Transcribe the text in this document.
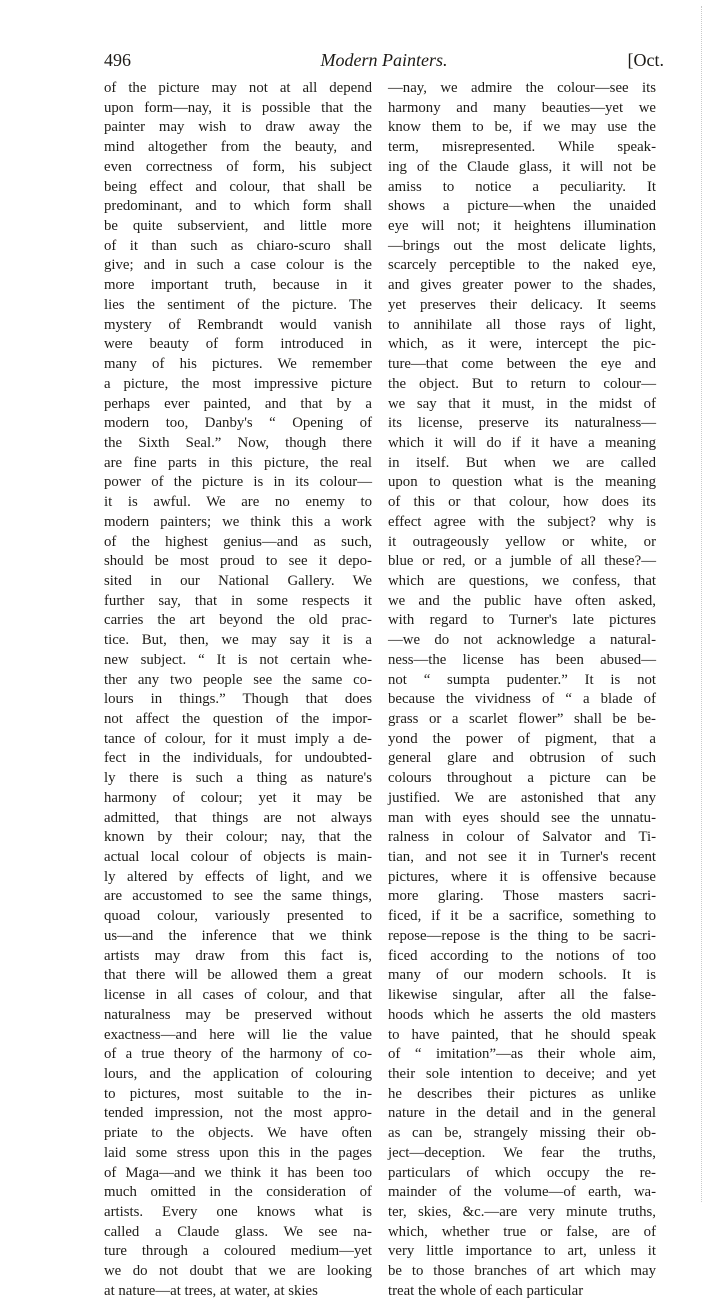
496	Modern Painters.	[Oct.
of the picture may not at all depend
upon form—nay, it is possible that the
painter may wish to draw away the
mind altogether from the beauty, and
even correctness of form, his subject
being effect and colour, that shall be
predominant, and to which form shall
be quite subservient, and little more
of it than such as chiaro-scuro shall
give; and in such a case colour is the
more important truth, because in it
lies the sentiment of the picture. The
mystery of Rembrandt would vanish
were beauty of form introduced in
many of his pictures. We remember
a picture, the most impressive picture
perhaps ever painted, and that by a
modern too, Danby's “ Opening of
the Sixth Seal.” Now, though there
are fine parts in this picture, the real
power of the picture is in its colour—
it is awful. We are no enemy to
modern painters; we think this a work
of the highest genius—and as such,
should be most proud to see it depo-
sited in our National Gallery. We
further say, that in some respects it
carries the art beyond the old prac-
tice. But, then, we may say it is a
new subject. “ It is not certain whe-
ther any two people see the same co-
lours in things.” Though that does
not affect the question of the impor-
tance of colour, for it must imply a de-
fect in the individuals, for undoubted-
ly there is such a thing as nature's
harmony of colour; yet it may be
admitted, that things are not always
known by their colour; nay, that the
actual local colour of objects is main-
ly altered by effects of light, and we
are accustomed to see the same things,
quoad colour, variously presented to
us—and the inference that we think
artists may draw from this fact is,
that there will be allowed them a great
license in all cases of colour, and that
naturalness may be preserved without
exactness—and here will lie the value
of a true theory of the harmony of co-
lours, and the application of colouring
to pictures, most suitable to the in-
tended impression, not the most appro-
priate to the objects. We have often
laid some stress upon this in the pages
of Maga—and we think it has been too
much omitted in the consideration of
artists. Every one knows what is
called a Claude glass. We see na-
ture through a coloured medium—yet
we do not doubt that we are looking
at nature—at trees, at water, at skies
—nay, we admire the colour—see its
harmony and many beauties—yet we
know them to be, if we may use the
term, misrepresented. While speak-
ing of the Claude glass, it will not be
amiss to notice a peculiarity. It
shows a picture—when the unaided
eye will not; it heightens illumination
—brings out the most delicate lights,
scarcely perceptible to the naked eye,
and gives greater power to the shades,
yet preserves their delicacy. It seems
to annihilate all those rays of light,
which, as it were, intercept the pic-
ture—that come between the eye and
the object. But to return to colour—
we say that it must, in the midst of
its license, preserve its naturalness—
which it will do if it have a meaning
in itself. But when we are called
upon to question what is the meaning
of this or that colour, how does its
effect agree with the subject? why is
it outrageously yellow or white, or
blue or red, or a jumble of all these?—
which are questions, we confess, that
we and the public have often asked,
with regard to Turner's late pictures
—we do not acknowledge a natural-
ness—the license has been abused—
not “ sumpta pudenter.” It is not
because the vividness of “ a blade of
grass or a scarlet flower” shall be be-
yond the power of pigment, that a
general glare and obtrusion of such
colours throughout a picture can be
justified. We are astonished that any
man with eyes should see the unnatu-
ralness in colour of Salvator and Ti-
tian, and not see it in Turner's recent
pictures, where it is offensive because
more glaring. Those masters sacri-
ficed, if it be a sacrifice, something to
repose—repose is the thing to be sacri-
ficed according to the notions of too
many of our modern schools. It is
likewise singular, after all the false-
hoods which he asserts the old masters
to have painted, that he should speak
of “ imitation”—as their whole aim,
their sole intention to deceive; and yet
he describes their pictures as unlike
nature in the detail and in the general
as can be, strangely missing their ob-
ject—deception. We fear the truths,
particulars of which occupy the re-
mainder of the volume—of earth, wa-
ter, skies, &c.—are very minute truths,
which, whether true or false, are of
very little importance to art, unless it
be to those branches of art which may
treat the whole of each particular
